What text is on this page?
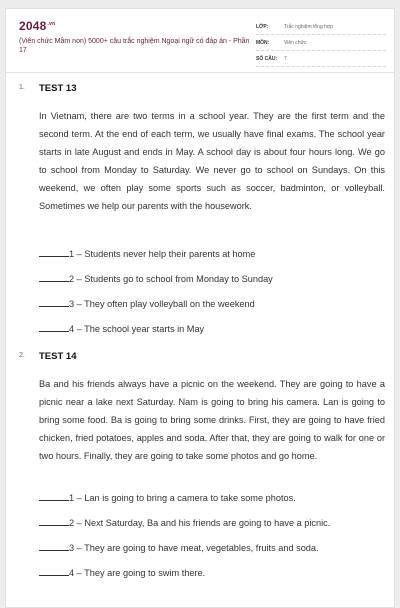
$2048^{.vn}$
(Viên chức Mầm non) 5000+ câu trắc nghiệm Ngoại ngữ có đáp án - Phần 17
LỚP:	Trắc nghiệm tổng hợp
MÔN:	Viên chức
SỐ CÂU:	7
1. TEST 13

In Vietnam, there are two terms in a school year. They are the first term and the second term. At the end of each term, we usually have final exams. The school year starts in late August and ends in May. A school day is about four hours long. We go to school from Monday to Saturday. We never go to school on Sundays. On this weekend, we often play some sports such as soccer, badminton, or volleyball. Sometimes we help our parents with the housework.

1 – Students never help their parents at home
2 – Students go to school from Monday to Sunday
3 – They often play volleyball on the weekend
4 – The school year starts in May
2. TEST 14

Ba and his friends always have a picnic on the weekend. They are going to have a picnic near a lake next Saturday. Nam is going to bring his camera. Lan is going to bring some food. Ba is going to bring some drinks. First, they are going to have fried chicken, fried potatoes, apples and soda. After that, they are going to walk for one or two hours. Finally, they are going to take some photos and go home.

1 – Lan is going to bring a camera to take some photos.
2 – Next Saturday, Ba and his friends are going to have a picnic.
3 – They are going to have meat, vegetables, fruits and soda.
4 – They are going to swim there.
